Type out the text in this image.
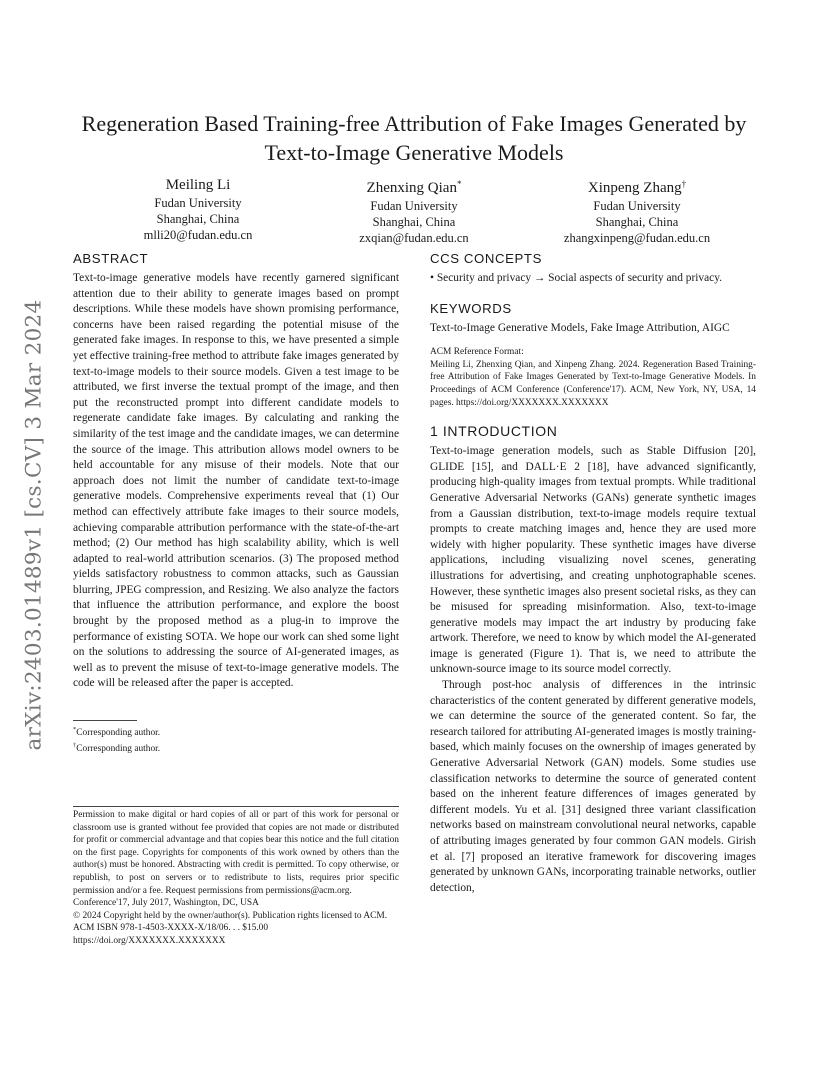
arXiv:2403.01489v1 [cs.CV] 3 Mar 2024
Regeneration Based Training-free Attribution of Fake Images Generated by Text-to-Image Generative Models
Meiling Li
Fudan University
Shanghai, China
mlli20@fudan.edu.cn
Zhenxing Qian*
Fudan University
Shanghai, China
zxqian@fudan.edu.cn
Xinpeng Zhang†
Fudan University
Shanghai, China
zhangxinpeng@fudan.edu.cn
ABSTRACT

Text-to-image generative models have recently garnered significant attention due to their ability to generate images based on prompt descriptions. While these models have shown promising performance, concerns have been raised regarding the potential misuse of the generated fake images. In response to this, we have presented a simple yet effective training-free method to attribute fake images generated by text-to-image models to their source models. Given a test image to be attributed, we first inverse the textual prompt of the image, and then put the reconstructed prompt into different candidate models to regenerate candidate fake images. By calculating and ranking the similarity of the test image and the candidate images, we can determine the source of the image. This attribution allows model owners to be held accountable for any misuse of their models. Note that our approach does not limit the number of candidate text-to-image generative models. Comprehensive experiments reveal that (1) Our method can effectively attribute fake images to their source models, achieving comparable attribution performance with the state-of-the-art method; (2) Our method has high scalability ability, which is well adapted to real-world attribution scenarios. (3) The proposed method yields satisfactory robustness to common attacks, such as Gaussian blurring, JPEG compression, and Resizing. We also analyze the factors that influence the attribution performance, and explore the boost brought by the proposed method as a plug-in to improve the performance of existing SOTA. We hope our work can shed some light on the solutions to addressing the source of AI-generated images, as well as to prevent the misuse of text-to-image generative models. The code will be released after the paper is accepted.

*Corresponding author.
†Corresponding author.

Permission to make digital or hard copies of all or part of this work for personal or classroom use is granted without fee provided that copies are not made or distributed for profit or commercial advantage and that copies bear this notice and the full citation on the first page. Copyrights for components of this work owned by others than the author(s) must be honored. Abstracting with credit is permitted. To copy otherwise, or republish, to post on servers or to redistribute to lists, requires prior specific permission and/or a fee. Request permissions from permissions@acm.org.

Conference'17, July 2017, Washington, DC, USA

© 2024 Copyright held by the owner/author(s). Publication rights licensed to ACM.

ACM ISBN 978-1-4503-XXXX-X/18/06. . . $15.00

https://doi.org/XXXXXXX.XXXXXXX

CCS CONCEPTS

• Security and privacy → Social aspects of security and privacy.

KEYWORDS

Text-to-Image Generative Models, Fake Image Attribution, AIGC

ACM Reference Format:

Meiling Li, Zhenxing Qian, and Xinpeng Zhang. 2024. Regeneration Based Training-free Attribution of Fake Images Generated by Text-to-Image Generative Models. In Proceedings of ACM Conference (Conference'17). ACM, New York, NY, USA, 14 pages. https://doi.org/XXXXXXX.XXXXXXX

1 INTRODUCTION

Text-to-image generation models, such as Stable Diffusion [20], GLIDE [15], and DALL·E 2 [18], have advanced significantly, producing high-quality images from textual prompts. While traditional Generative Adversarial Networks (GANs) generate synthetic images from a Gaussian distribution, text-to-image models require textual prompts to create matching images and, hence they are used more widely with higher popularity. These synthetic images have diverse applications, including visualizing novel scenes, generating illustrations for advertising, and creating unphotographable scenes. However, these synthetic images also present societal risks, as they can be misused for spreading misinformation. Also, text-to-image generative models may impact the art industry by producing fake artwork. Therefore, we need to know by which model the AI-generated image is generated (Figure 1). That is, we need to attribute the unknown-source image to its source model correctly.

Through post-hoc analysis of differences in the intrinsic characteristics of the content generated by different generative models, we can determine the source of the generated content. So far, the research tailored for attributing AI-generated images is mostly training-based, which mainly focuses on the ownership of images generated by Generative Adversarial Network (GAN) models. Some studies use classification networks to determine the source of generated content based on the inherent feature differences of images generated by different models. Yu et al. [31] designed three variant classification networks based on mainstream convolutional neural networks, capable of attributing images generated by four common GAN models. Girish et al. [7] proposed an iterative framework for discovering images generated by unknown GANs, incorporating trainable networks, outlier detection,
